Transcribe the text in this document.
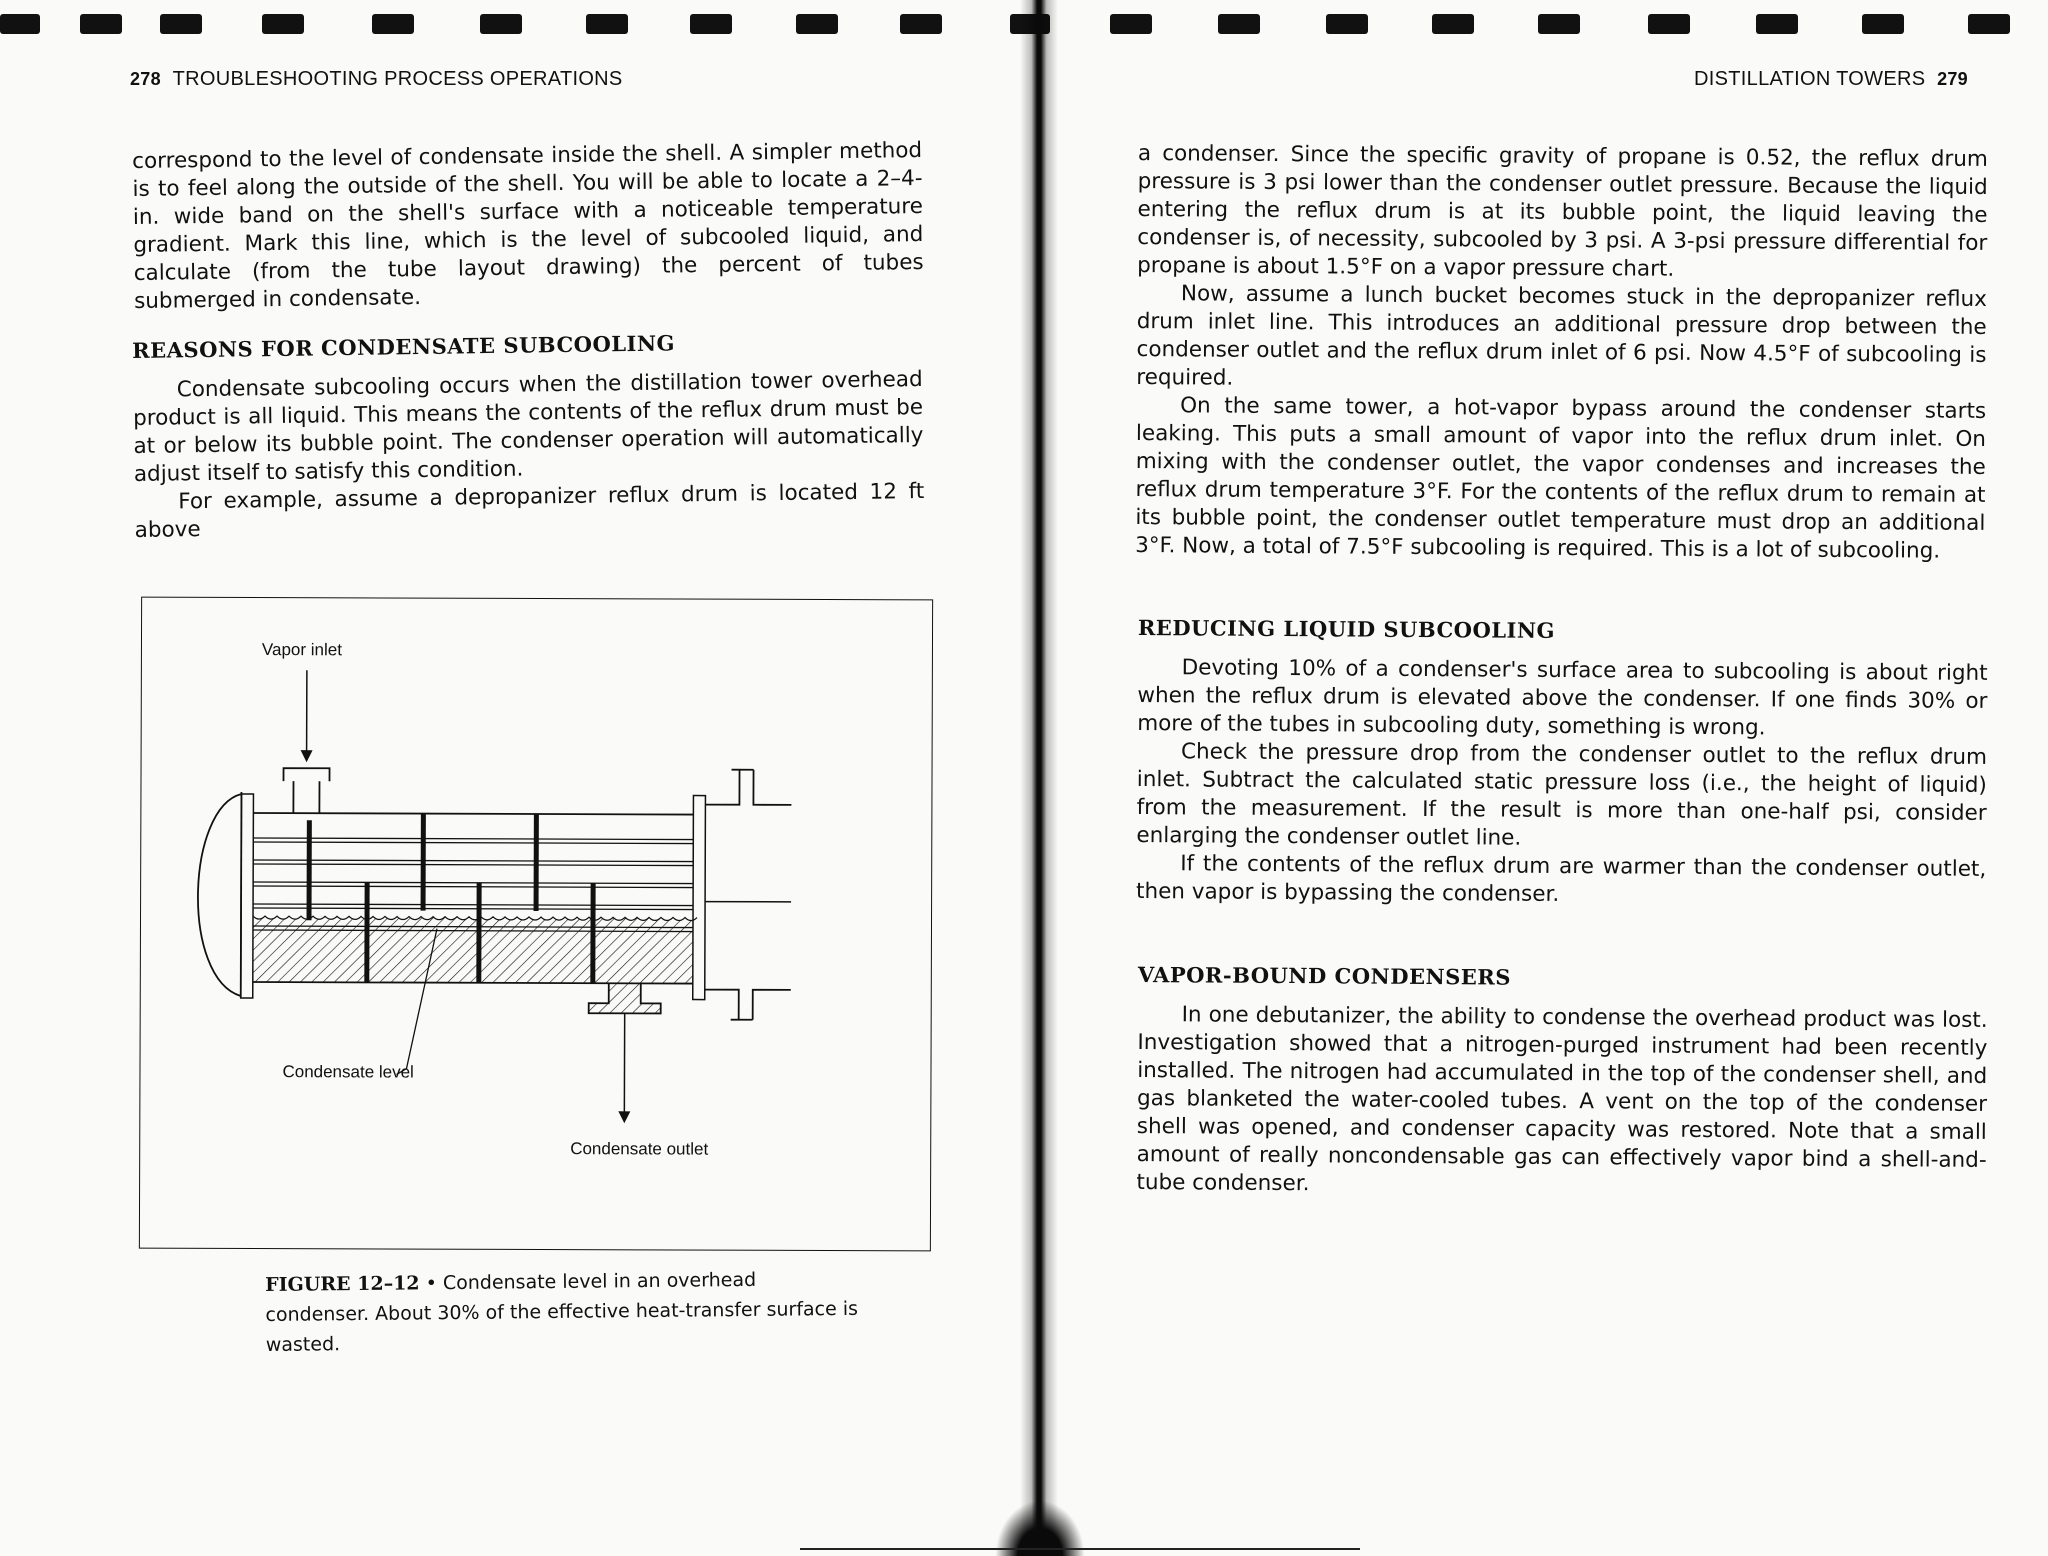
278 TROUBLESHOOTING PROCESS OPERATIONS

correspond to the level of condensate inside the shell. A simpler method is to feel along the outside of the shell. You will be able to locate a 2–4-in. wide band on the shell's surface with a noticeable temperature gradient. Mark this line, which is the level of subcooled liquid, and calculate (from the tube layout drawing) the percent of tubes submerged in condensate.

REASONS FOR CONDENSATE SUBCOOLING

Condensate subcooling occurs when the distillation tower overhead product is all liquid. This means the contents of the reflux drum must be at or below its bubble point. The condenser operation will automatically adjust itself to satisfy this condition.

For example, assume a depropanizer reflux drum is located 12 ft above

Vapor inlet
Condensate level
Condensate outlet
FIGURE 12–12 • Condensate level in an overhead condenser. About 30% of the effective heat-transfer surface is wasted.
DISTILLATION TOWERS 279

a condenser. Since the specific gravity of propane is 0.52, the reflux drum pressure is 3 psi lower than the condenser outlet pressure. Because the liquid entering the reflux drum is at its bubble point, the liquid leaving the condenser is, of necessity, subcooled by 3 psi. A 3-psi pressure differential for propane is about 1.5°F on a vapor pressure chart.

Now, assume a lunch bucket becomes stuck in the depropanizer reflux drum inlet line. This introduces an additional pressure drop between the condenser outlet and the reflux drum inlet of 6 psi. Now 4.5°F of subcooling is required.

On the same tower, a hot-vapor bypass around the condenser starts leaking. This puts a small amount of vapor into the reflux drum inlet. On mixing with the condenser outlet, the vapor condenses and increases the reflux drum temperature 3°F. For the contents of the reflux drum to remain at its bubble point, the condenser outlet temperature must drop an additional 3°F. Now, a total of 7.5°F subcooling is required. This is a lot of subcooling.

REDUCING LIQUID SUBCOOLING

Devoting 10% of a condenser's surface area to subcooling is about right when the reflux drum is elevated above the condenser. If one finds 30% or more of the tubes in subcooling duty, something is wrong.

Check the pressure drop from the condenser outlet to the reflux drum inlet. Subtract the calculated static pressure loss (i.e., the height of liquid) from the measurement. If the result is more than one-half psi, consider enlarging the condenser outlet line.

If the contents of the reflux drum are warmer than the condenser outlet, then vapor is bypassing the condenser.

VAPOR-BOUND CONDENSERS

In one debutanizer, the ability to condense the overhead product was lost. Investigation showed that a nitrogen-purged instrument had been recently installed. The nitrogen had accumulated in the top of the condenser shell, and gas blanketed the water-cooled tubes. A vent on the top of the condenser shell was opened, and condenser capacity was restored. Note that a small amount of really noncondensable gas can effectively vapor bind a shell-and-tube condenser.
